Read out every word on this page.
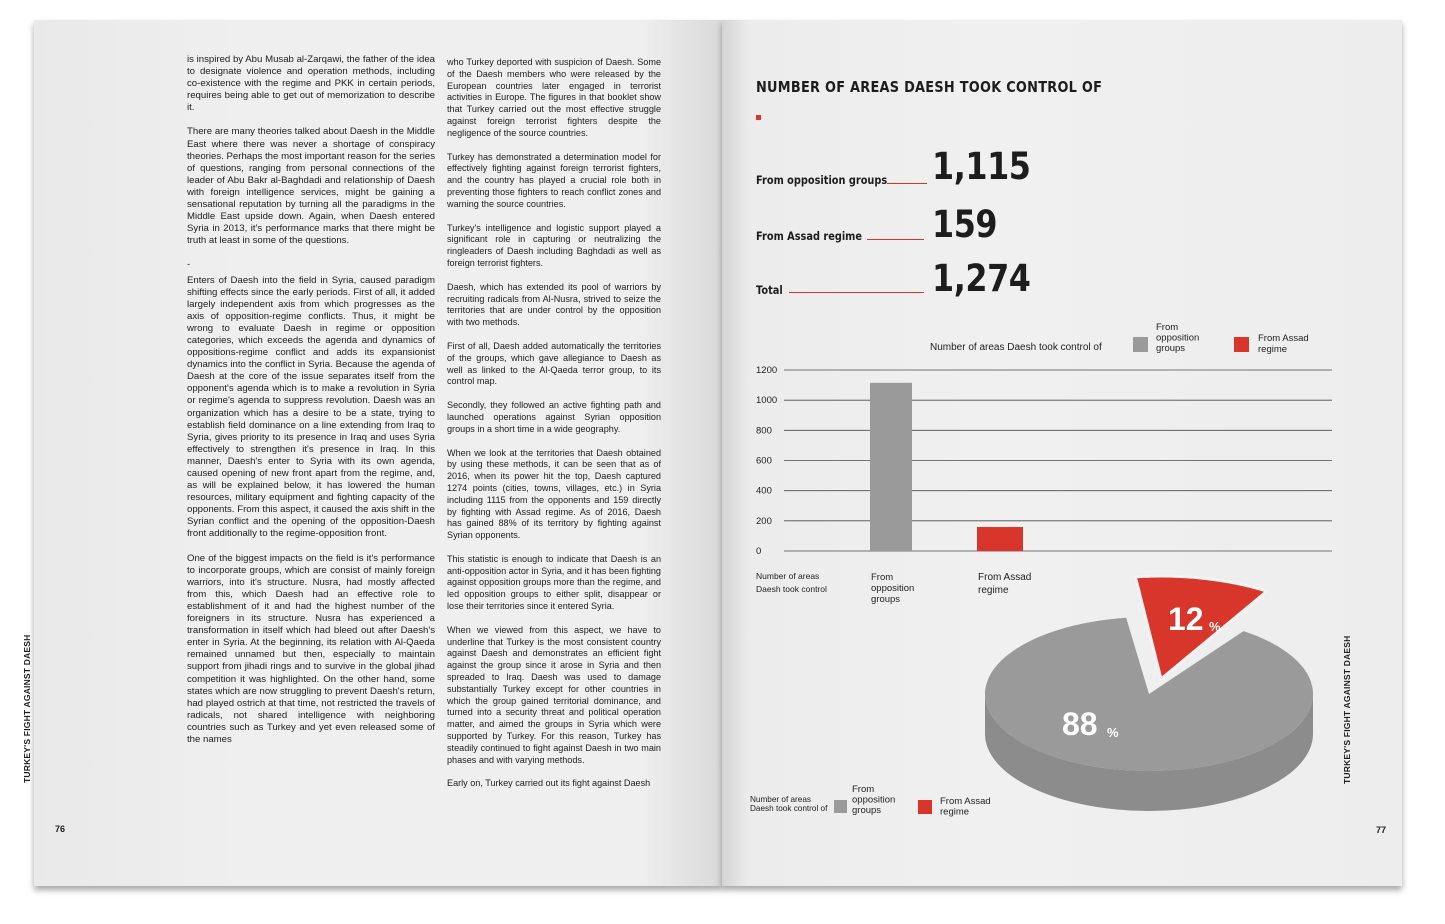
TURKEY'S FIGHT AGAINST DAESH
76

is inspired by Abu Musab al-Zarqawi, the father of the idea to designate violence and operation methods, including co-existence with the regime and PKK in certain periods, requires being able to get out of memorization to describe it.

There are many theories talked about Daesh in the Middle East where there was never a shortage of conspiracy theories. Perhaps the most important reason for the series of questions, ranging from personal connections of the leader of Abu Bakr al-Baghdadi and relationship of Daesh with foreign intelligence services, might be gaining a sensational reputation by turning all the paradigms in the Middle East upside down. Again, when Daesh entered Syria in 2013, it's performance marks that there might be truth at least in some of the questions.

-

Enters of Daesh into the field in Syria, caused paradigm shifting effects since the early periods. First of all, it added largely independent axis from which progresses as the axis of opposition-regime conflicts. Thus, it might be wrong to evaluate Daesh in regime or opposition categories, which exceeds the agenda and dynamics of oppositions-regime conflict and adds its expansionist dynamics into the conflict in Syria. Because the agenda of Daesh at the core of the issue separates itself from the opponent's agenda which is to make a revolution in Syria or regime's agenda to suppress revolution. Daesh was an organization which has a desire to be a state, trying to establish field dominance on a line extending from Iraq to Syria, gives priority to its presence in Iraq and uses Syria effectively to strengthen it's presence in Iraq. In this manner, Daesh's enter to Syria with its own agenda, caused opening of new front apart from the regime, and, as will be explained below, it has lowered the human resources, military equipment and fighting capacity of the opponents. From this aspect, it caused the axis shift in the Syrian conflict and the opening of the opposition-Daesh front additionally to the regime-opposition front.

One of the biggest impacts on the field is it's performance to incorporate groups, which are consist of mainly foreign warriors, into it's structure. Nusra, had mostly affected from this, which Daesh had an effective role to establishment of it and had the highest number of the foreigners in its structure. Nusra has experienced a transformation in itself which had bleed out after Daesh's enter in Syria. At the beginning, its relation with Al-Qaeda remained unnamed but then, especially to maintain support from jihadi rings and to survive in the global jihad competition it was highlighted. On the other hand, some states which are now struggling to prevent Daesh's return, had played ostrich at that time, not restricted the travels of radicals, not shared intelligence with neighboring countries such as Turkey and yet even released some of the names

who Turkey deported with suspicion of Daesh. Some of the Daesh members who were released by the European countries later engaged in terrorist activities in Europe. The figures in that booklet show that Turkey carried out the most effective struggle against foreign terrorist fighters despite the negligence of the source countries.

Turkey has demonstrated a determination model for effectively fighting against foreign terrorist fighters, and the country has played a crucial role both in preventing those fighters to reach conflict zones and warning the source countries.

Turkey's intelligence and logistic support played a significant role in capturing or neutralizing the ringleaders of Daesh including Baghdadi as well as foreign terrorist fighters.

Daesh, which has extended its pool of warriors by recruiting radicals from Al-Nusra, strived to seize the territories that are under control by the opposition with two methods.

First of all, Daesh added automatically the territories of the groups, which gave allegiance to Daesh as well as linked to the Al-Qaeda terror group, to its control map.

Secondly, they followed an active fighting path and launched operations against Syrian opposition groups in a short time in a wide geography.

When we look at the territories that Daesh obtained by using these methods, it can be seen that as of 2016, when its power hit the top, Daesh captured 1274 points (cities, towns, villages, etc.) in Syria including 1115 from the opponents and 159 directly by fighting with Assad regime. As of 2016, Daesh has gained 88% of its territory by fighting against Syrian opponents.

This statistic is enough to indicate that Daesh is an anti-opposition actor in Syria, and it has been fighting against opposition groups more than the regime, and led opposition groups to either split, disappear or lose their territories since it entered Syria.

When we viewed from this aspect, we have to underline that Turkey is the most consistent country against Daesh and demonstrates an efficient fight against the group since it arose in Syria and then spreaded to Iraq. Daesh was used to damage substantially Turkey except for other countries in which the group gained territorial dominance, and turned into a security threat and political operation matter, and aimed the groups in Syria which were supported by Turkey. For this reason, Turkey has steadily continued to fight against Daesh in two main phases and with varying methods.

Early on, Turkey carried out its fight against Daesh	TURKEY'S FIGHT AGAINST DAESH
77
NUMBER OF AREAS DAESH TOOK CONTROL OF
From opposition groups 1,115
From Assad regime 159
Total	1,274
0
200
400
600
800
1000
1200
From opposition groups
From Assad regime
Number of areas Daesh took control
Number of areas Daesh took control of
From opposition groups
From Assad regime
88 %
12 %
Number of areas Daesh took control of
From opposition groups
From Assad regime
